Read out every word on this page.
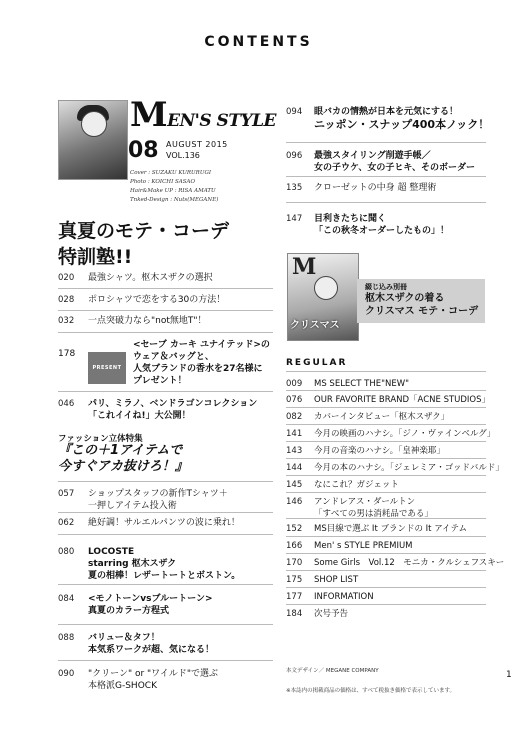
CONTENTS
MEN'S STYLE
08 AUGUST 2015
VOL.136
Cover : SUZAKU KURURUGI
Photo : KOICHI SASAO
Hair&Make UP : RISA AMATU
Tnked-Design : Nuts(MEGANE)
真夏のモテ・コーデ
特訓塾!!
020 最強シャツ。枢木スザクの選択
028 ポロシャツで恋をする30の方法！
032 一点突破力なら"not無地T"！
178
PRESENT
<セーブ カーキ ユナイテッド>の
ウェア＆バッグと、
人気ブランドの香水を27名様に
プレゼント！
046 パリ、ミラノ、ベンドラゴンコレクション
「これイイね!」大公開！
ファッション立体特集
『この＋1アイテムで
今すぐアカ抜けろ！』
057 ショップスタッフの新作Tシャツ＋
一押しアイテム投入術
062 絶好調！サルエルパンツの波に乗れ！
080 LOCOSTE
starring 枢木スザク
夏の相棒！レザートートとボストン。
084 <モノトーンvsブルートーン>
真夏のカラー方程式
088 バリュー＆タフ！
本気系ワークが超、気になる！
090 "クリーン" or "ワイルド"で選ぶ
本格派G-SHOCK
094 眼バカの情熱が日本を元気にする！
ニッポン・スナップ400本ノック！
096 最強スタイリング削遊手帳／
女の子ウケ、女の子ヒキ、そのボーダー
135 クローゼットの中身 超 整理術
147 目利きたちに聞く
「この秋冬オーダーしたもの」！
M
クリスマス
綴じ込み別冊
枢木スザクの着る
クリスマス モテ・コーデ
REGULAR
009 MS SELECT THE"NEW"
076 OUR FAVORITE BRAND「ACNE STUDIOS」
082 カバーインタビュー「枢木スザク」
141 今月の映画のハナシ。「ジノ・ヴァインベルグ」
143 今月の音楽のハナシ。「皇神楽耶」
144 今月の本のハナシ。「ジェレミア・ゴッドバルド」
145 なにこれ？ガジェット
146 アンドレアス・ダールトン
「すべての男は消耗品である」
152 MS目線で選ぶ It ブランドの It アイテム
166 Men' s STYLE PREMIUM
170 Some Girls　Vol.12　モニカ・クルシェフスキー
175 SHOP LIST
177 INFORMATION
184 次号予告
本文デザイン／ MEGANE COMPANY
※本誌内の掲載商品の価格は、すべて税抜き価格で表示しています。
1
